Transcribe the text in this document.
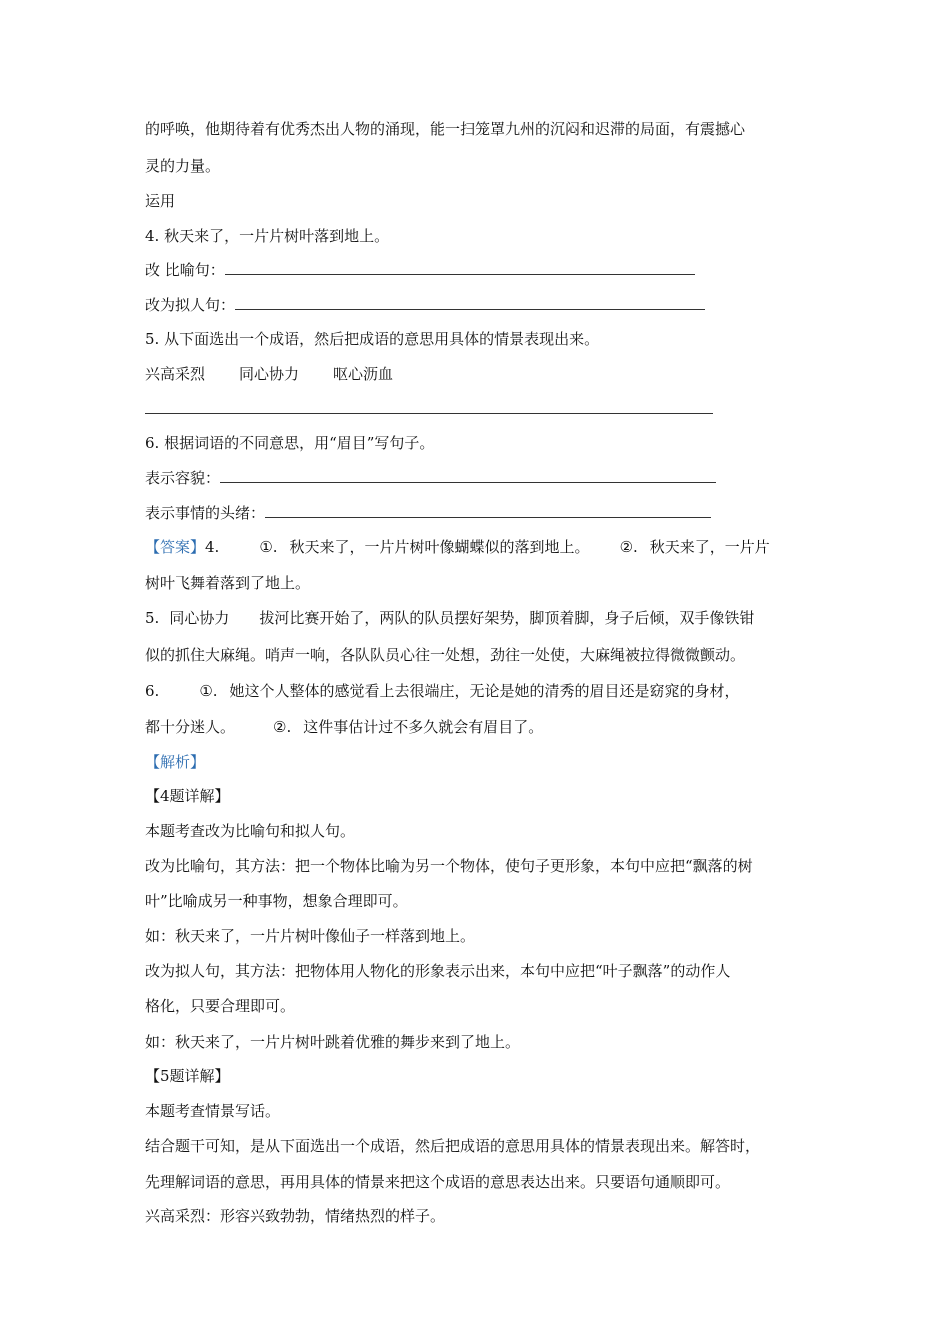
的呼唤，他期待着有优秀杰出人物的涌现，能一扫笼罩九州的沉闷和迟滞的局面，有震撼心
灵的力量。
运用
4. 秋天来了，一片片树叶落到地上。
改 比喻句：
改为拟人句：
5. 从下面选出一个成语，然后把成语的意思用具体的情景表现出来。
兴高采烈 同心协力 呕心沥血
6. 根据词语的不同意思，用“眉目”写句子。
表示容貌：
表示事情的头绪：
【答案】4.	①. 秋天来了，一片片树叶像蝴蝶似的落到地上。 ②. 秋天来了，一片片
树叶飞舞着落到了地上。
5. 同心协力 拔河比赛开始了，两队的队员摆好架势，脚顶着脚，身子后倾，双手像铁钳
似的抓住大麻绳。哨声一响，各队队员心往一处想，劲往一处使，大麻绳被拉得微微颤动。
6.	①. 她这个人整体的感觉看上去很端庄，无论是她的清秀的眉目还是窈窕的身材，
都十分迷人。	②. 这件事估计过不多久就会有眉目了。
【解析】
【4题详解】
本题考查改为比喻句和拟人句。
改为比喻句，其方法：把一个物体比喻为另一个物体，使句子更形象，本句中应把“飘落的树
叶”比喻成另一种事物，想象合理即可。
如：秋天来了，一片片树叶像仙子一样落到地上。
改为拟人句，其方法：把物体用人物化的形象表示出来，本句中应把“叶子飘落”的动作人
格化，只要合理即可。
如：秋天来了，一片片树叶跳着优雅的舞步来到了地上。
【5题详解】
本题考查情景写话。
结合题干可知，是从下面选出一个成语，然后把成语的意思用具体的情景表现出来。解答时，
先理解词语的意思，再用具体的情景来把这个成语的意思表达出来。只要语句通顺即可。
兴高采烈：形容兴致勃勃，情绪热烈的样子。
